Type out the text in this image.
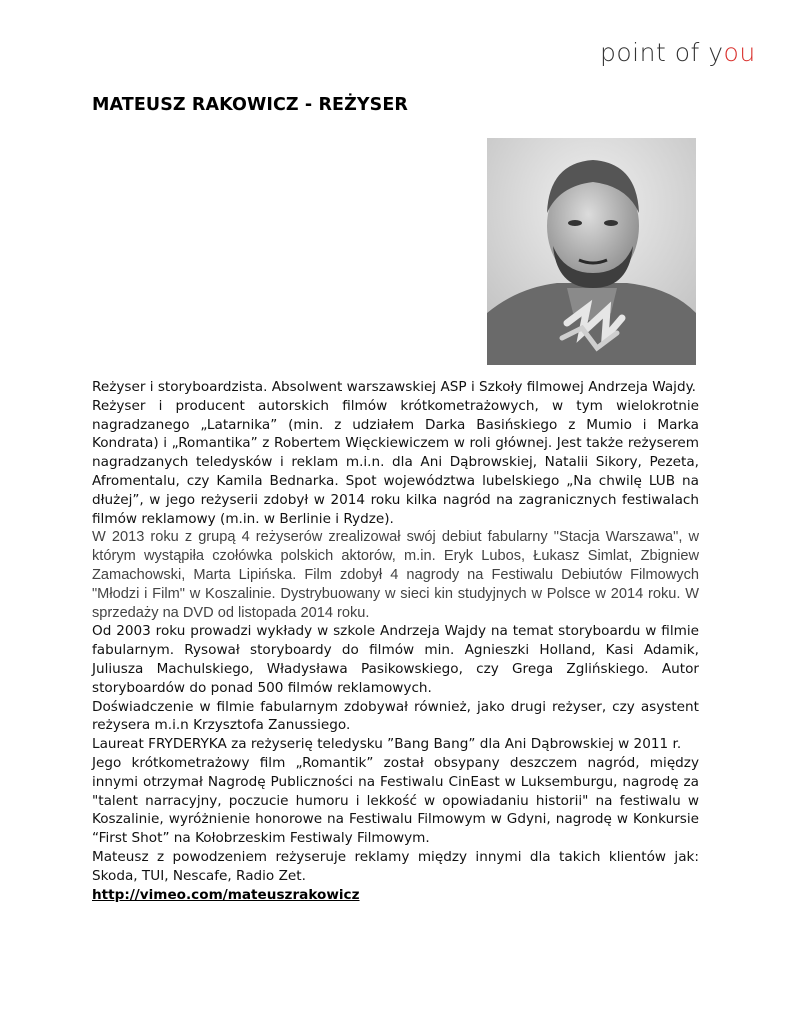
point of you
MATEUSZ RAKOWICZ - REŻYSER

Reżyser i storyboardzista. Absolwent warszawskiej ASP i Szkoły filmowej Andrzeja Wajdy.

Reżyser i producent autorskich filmów krótkometrażowych, w tym wielokrotnie nagradzanego „Latarnika” (min. z udziałem Darka Basińskiego z Mumio i Marka Kondrata) i „Romantika” z Robertem Więckiewiczem w roli głównej. Jest także reżyserem nagradzanych teledysków i reklam m.i.n. dla Ani Dąbrowskiej, Natalii Sikory, Pezeta, Afromentalu, czy Kamila Bednarka. Spot województwa lubelskiego „Na chwilę LUB na dłużej”, w jego reżyserii zdobył w 2014 roku kilka nagród na zagranicznych festiwalach filmów reklamowy (m.in. w Berlinie i Rydze).

W 2013 roku z grupą 4 reżyserów zrealizował swój debiut fabularny "Stacja Warszawa", w którym wystąpiła czołówka polskich aktorów, m.in. Eryk Lubos, Łukasz Simlat, Zbigniew Zamachowski, Marta Lipińska. Film zdobył 4 nagrody na Festiwalu Debiutów Filmowych "Młodzi i Film" w Koszalinie. Dystrybuowany w sieci kin studyjnych w Polsce w 2014 roku. W sprzedaży na DVD od listopada 2014 roku.

Od 2003 roku prowadzi wykłady w szkole Andrzeja Wajdy na temat storyboardu w filmie fabularnym. Rysował storyboardy do filmów min. Agnieszki Holland, Kasi Adamik, Juliusza Machulskiego, Władysława Pasikowskiego, czy Grega Zglińskiego. Autor storyboardów do ponad 500 filmów reklamowych.

Doświadczenie w filmie fabularnym zdobywał również, jako drugi reżyser, czy asystent reżysera m.i.n Krzysztofa Zanussiego.

Laureat FRYDERYKA za reżyserię teledysku ”Bang Bang” dla Ani Dąbrowskiej w 2011 r.

Jego krótkometrażowy film „Romantik” został obsypany deszczem nagród, między innymi otrzymał Nagrodę Publiczności na Festiwalu CinEast w Luksemburgu, nagrodę za "talent narracyjny, poczucie humoru i lekkość w opowiadaniu historii" na festiwalu w Koszalinie, wyróżnienie honorowe na Festiwalu Filmowym w Gdyni, nagrodę w Konkursie “First Shot” na Kołobrzeskim Festiwaly Filmowym.

Mateusz z powodzeniem reżyseruje reklamy między innymi dla takich klientów jak: Skoda, TUI, Nescafe, Radio Zet.

http://vimeo.com/mateuszrakowicz
